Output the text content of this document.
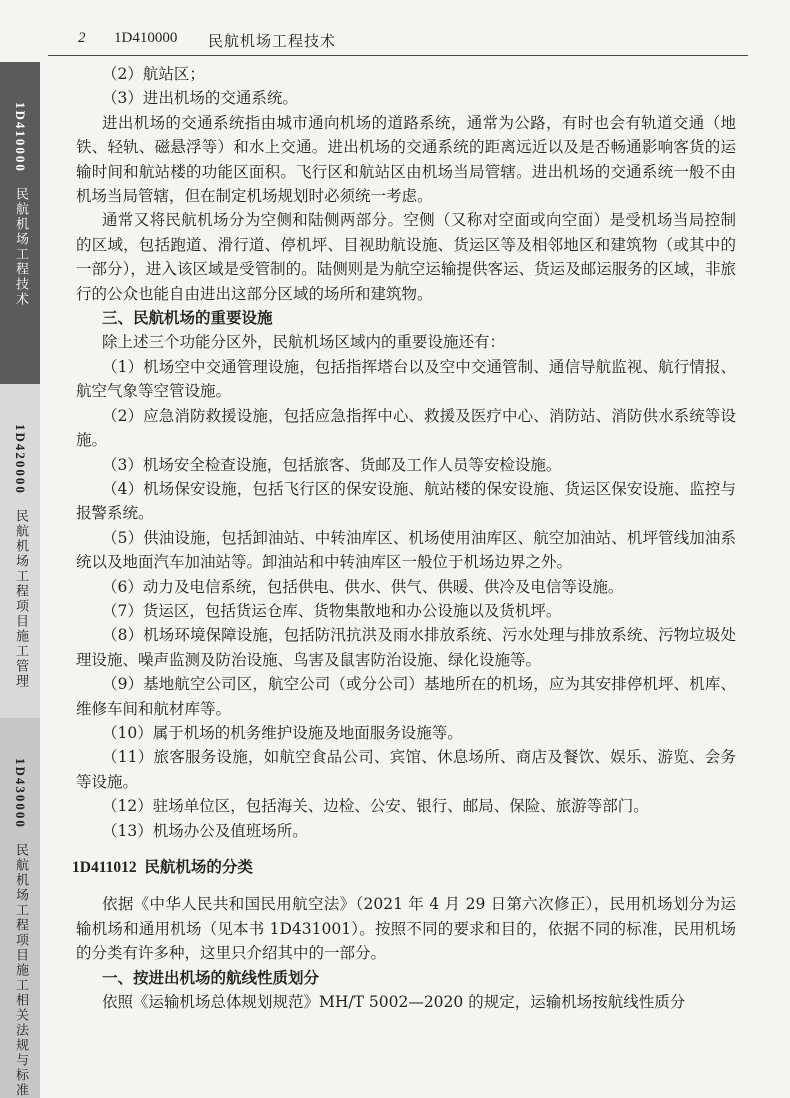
2 1D410000 民航机场工程技术
1D410000民航机场工程技术
1D420000民航机场工程项目施工管理
1D430000民航机场工程项目施工相关法规与标准

（2）航站区；

（3）进出机场的交通系统。

进出机场的交通系统指由城市通向机场的道路系统，通常为公路，有时也会有轨道交通（地铁、轻轨、磁悬浮等）和水上交通。进出机场的交通系统的距离远近以及是否畅通影响客货的运输时间和航站楼的功能区面积。飞行区和航站区由机场当局管辖。进出机场的交通系统一般不由机场当局管辖，但在制定机场规划时必须统一考虑。

通常又将民航机场分为空侧和陆侧两部分。空侧（又称对空面或向空面）是受机场当局控制的区域，包括跑道、滑行道、停机坪、目视助航设施、货运区等及相邻地区和建筑物（或其中的一部分），进入该区域是受管制的。陆侧则是为航空运输提供客运、货运及邮运服务的区域，非旅行的公众也能自由进出这部分区域的场所和建筑物。

三、民航机场的重要设施

除上述三个功能分区外，民航机场区域内的重要设施还有：

（1）机场空中交通管理设施，包括指挥塔台以及空中交通管制、通信导航监视、航行情报、航空气象等空管设施。

（2）应急消防救援设施，包括应急指挥中心、救援及医疗中心、消防站、消防供水系统等设施。

（3）机场安全检查设施，包括旅客、货邮及工作人员等安检设施。

（4）机场保安设施，包括飞行区的保安设施、航站楼的保安设施、货运区保安设施、监控与报警系统。

（5）供油设施，包括卸油站、中转油库区、机场使用油库区、航空加油站、机坪管线加油系统以及地面汽车加油站等。卸油站和中转油库区一般位于机场边界之外。

（6）动力及电信系统，包括供电、供水、供气、供暖、供冷及电信等设施。

（7）货运区，包括货运仓库、货物集散地和办公设施以及货机坪。

（8）机场环境保障设施，包括防汛抗洪及雨水排放系统、污水处理与排放系统、污物垃圾处理设施、噪声监测及防治设施、鸟害及鼠害防治设施、绿化设施等。

（9）基地航空公司区，航空公司（或分公司）基地所在的机场，应为其安排停机坪、机库、维修车间和航材库等。

（10）属于机场的机务维护设施及地面服务设施等。

（11）旅客服务设施，如航空食品公司、宾馆、休息场所、商店及餐饮、娱乐、游览、会务等设施。

（12）驻场单位区，包括海关、边检、公安、银行、邮局、保险、旅游等部门。

（13）机场办公及值班场所。

1D411012 民航机场的分类

依据《中华人民共和国民用航空法》（2021 年 4 月 29 日第六次修正），民用机场划分为运输机场和通用机场（见本书 1D431001）。按照不同的要求和目的，依据不同的标准，民用机场的分类有许多种，这里只介绍其中的一部分。

一、按进出机场的航线性质划分

依照《运输机场总体规划规范》MH/T 5002—2020 的规定，运输机场按航线性质分
